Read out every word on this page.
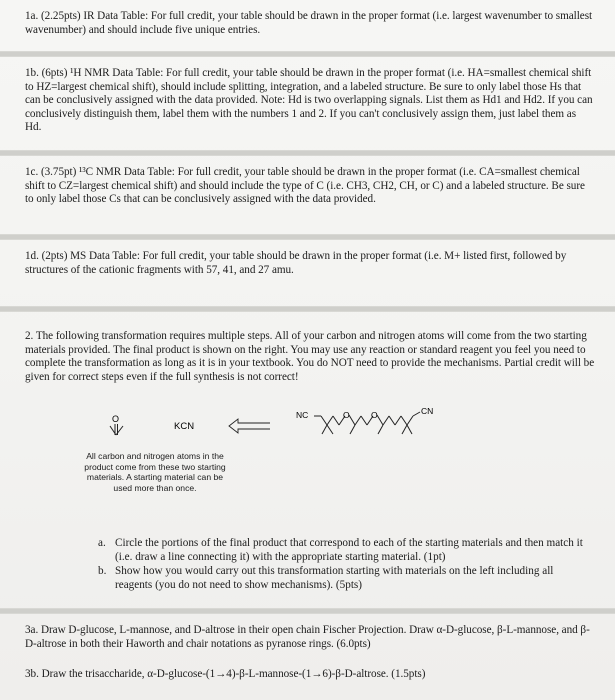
1a. (2.25pts) IR Data Table: For full credit, your table should be drawn in the proper format (i.e. largest wavenumber to smallest wavenumber) and should include five unique entries.
1b. (6pts) ¹H NMR Data Table: For full credit, your table should be drawn in the proper format (i.e. HA=smallest chemical shift to HZ=largest chemical shift), should include splitting, integration, and a labeled structure. Be sure to only label those Hs that can be conclusively assigned with the data provided. Note: Hd is two overlapping signals. List them as Hd1 and Hd2. If you can conclusively distinguish them, label them with the numbers 1 and 2. If you can't conclusively assign them, just label them as Hd.
1c. (3.75pt) ¹³C NMR Data Table: For full credit, your table should be drawn in the proper format (i.e. CA=smallest chemical shift to CZ=largest chemical shift) and should include the type of C (i.e. CH3, CH2, CH, or C) and a labeled structure. Be sure to only label those Cs that can be conclusively assigned with the data provided.
1d. (2pts) MS Data Table: For full credit, your table should be drawn in the proper format (i.e. M+ listed first, followed by structures of the cationic fragments with 57, 41, and 27 amu.
2. The following transformation requires multiple steps. All of your carbon and nitrogen atoms will come from the two starting materials provided. The final product is shown on the right. You may use any reaction or standard reagent you feel you need to complete the transformation as long as it is in your textbook. You do NOT need to provide the mechanisms. Partial credit will be given for correct steps even if the full synthesis is not correct!
O
KCN
NC	O	O	CN
All carbon and nitrogen atoms in the product come from these two starting materials. A starting material can be used more than once.
a. Circle the portions of the final product that correspond to each of the starting materials and then match it (i.e. draw a line connecting it) with the appropriate starting material. (1pt)
b. Show how you would carry out this transformation starting with materials on the left including all reagents (you do not need to show mechanisms). (5pts)
3a. Draw D-glucose, L-mannose, and D-altrose in their open chain Fischer Projection. Draw α-D-glucose, β-L-mannose, and β-D-altrose in both their Haworth and chair notations as pyranose rings. (6.0pts)
3b. Draw the trisaccharide, α-D-glucose-(1→4)-β-L-mannose-(1→6)-β-D-altrose. (1.5pts)
